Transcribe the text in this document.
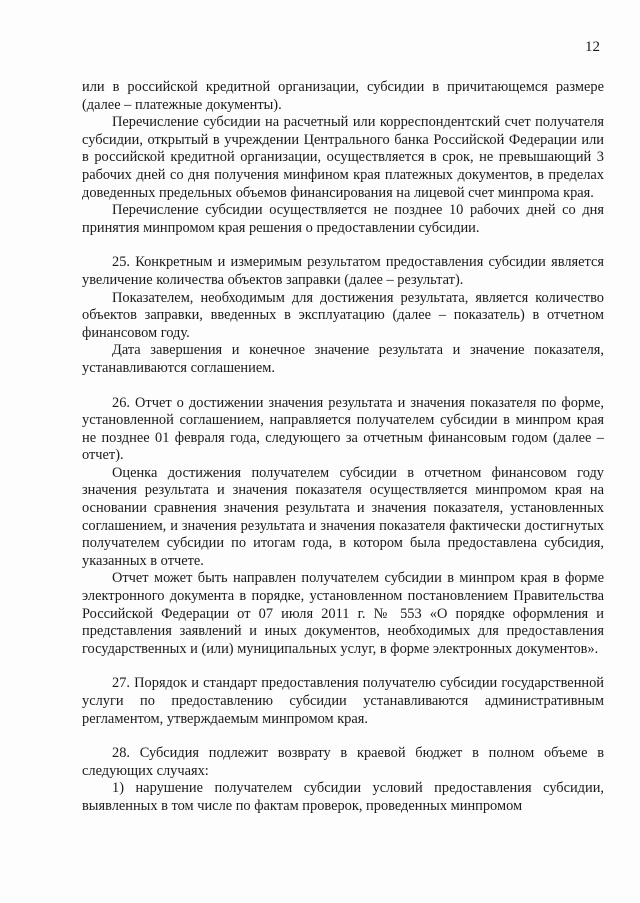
12

или в российской кредитной организации, субсидии в причитающемся размере (далее – платежные документы).

Перечисление субсидии на расчетный или корреспондентский счет получателя субсидии, открытый в учреждении Центрального банка Российской Федерации или в российской кредитной организации, осуществляется в срок, не превышающий 3 рабочих дней со дня получения минфином края платежных документов, в пределах доведенных предельных объемов финансирования на лицевой счет минпрома края.

Перечисление субсидии осуществляется не позднее 10 рабочих дней со дня принятия минпромом края решения о предоставлении субсидии.

25. Конкретным и измеримым результатом предоставления субсидии является увеличение количества объектов заправки (далее – результат).

Показателем, необходимым для достижения результата, является количество объектов заправки, введенных в эксплуатацию (далее – показатель) в отчетном финансовом году.

Дата завершения и конечное значение результата и значение показателя, устанавливаются соглашением.

26. Отчет о достижении значения результата и значения показателя по форме, установленной соглашением, направляется получателем субсидии в минпром края не позднее 01 февраля года, следующего за отчетным финансовым годом (далее – отчет).

Оценка достижения получателем субсидии в отчетном финансовом году значения результата и значения показателя осуществляется минпромом края на основании сравнения значения результата и значения показателя, установленных соглашением, и значения результата и значения показателя фактически достигнутых получателем субсидии по итогам года, в котором была предоставлена субсидия, указанных в отчете.

Отчет может быть направлен получателем субсидии в минпром края в форме электронного документа в порядке, установленном постановлением Правительства Российской Федерации от 07 июля 2011 г. № 553 «О порядке оформления и представления заявлений и иных документов, необходимых для предоставления государственных и (или) муниципальных услуг, в форме электронных документов».

27. Порядок и стандарт предоставления получателю субсидии государственной услуги по предоставлению субсидии устанавливаются административным регламентом, утверждаемым минпромом края.

28. Субсидия подлежит возврату в краевой бюджет в полном объеме в следующих случаях:

1) нарушение получателем субсидии условий предоставления субсидии, выявленных в том числе по фактам проверок, проведенных минпромом
